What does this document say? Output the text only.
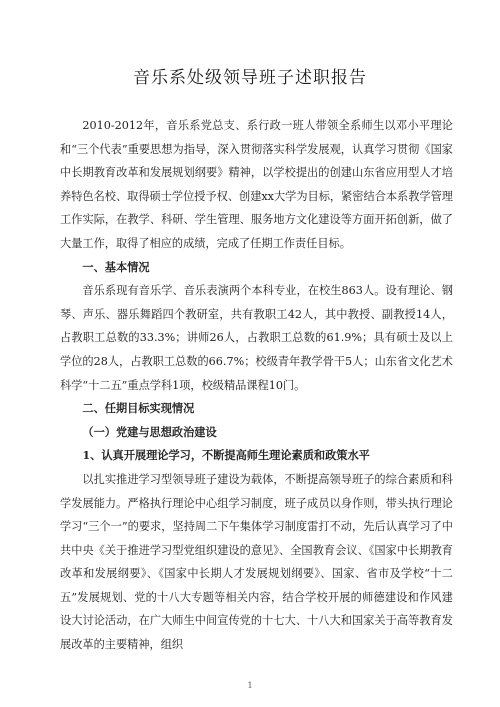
音乐系处级领导班子述职报告

2010-2012年，音乐系党总支、系行政一班人带领全系师生以邓小平理论和“三个代表”重要思想为指导，深入贯彻落实科学发展观，认真学习贯彻《国家中长期教育改革和发展规划纲要》精神，以学校提出的创建山东省应用型人才培养特色名校、取得硕士学位授予权、创建xx大学为目标，紧密结合本系教学管理工作实际，在教学、科研、学生管理、服务地方文化建设等方面开拓创新，做了大量工作，取得了相应的成绩，完成了任期工作责任目标。

一、基本情况

音乐系现有音乐学、音乐表演两个本科专业，在校生863人。设有理论、钢琴、声乐、器乐舞蹈四个教研室，共有教职工42人，其中教授、副教授14人，占教职工总数的33.3%；讲师26人，占教职工总数的61.9%；具有硕士及以上学位的28人，占教职工总数的66.7%；校级青年教学骨干5人；山东省文化艺术科学“十二五”重点学科1项，校级精品课程10门。

二、任期目标实现情况

（一）党建与思想政治建设

1、认真开展理论学习，不断提高师生理论素质和政策水平

以扎实推进学习型领导班子建设为载体，不断提高领导班子的综合素质和科学发展能力。严格执行理论中心组学习制度，班子成员以身作则，带头执行理论学习“三个一”的要求，坚持周二下午集体学习制度雷打不动，先后认真学习了中共中央《关于推进学习型党组织建设的意见》、全国教育会议、《国家中长期教育改革和发展纲要》、《国家中长期人才发展规划纲要》、国家、省市及学校“十二五”发展规划、党的十八大专题等相关内容，结合学校开展的师德建设和作风建设大讨论活动，在广大师生中间宣传党的十七大、十八大和国家关于高等教育发展改革的主要精神，组织

1
